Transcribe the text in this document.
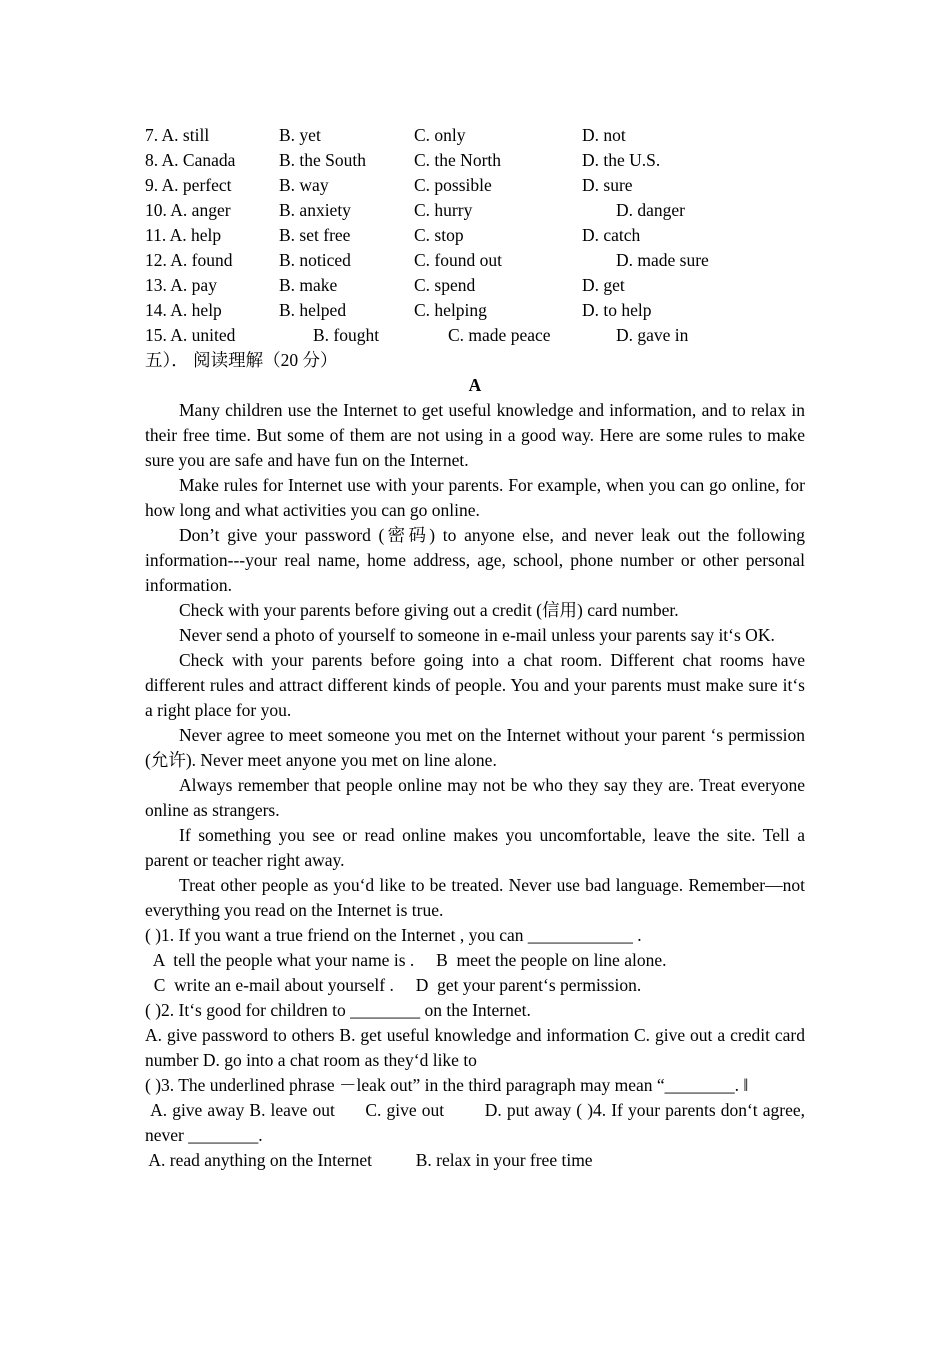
7. A. still	B. yet	C. only	D. not
8. A. Canada B. the South	C. the North	D. the U.S.
9. A. perfect	B. way	C. possible	D. sure
10. A. anger	B. anxiety	C. hurry	D. danger
11. A. help	B. set free	C. stop	D. catch
12. A. found	B. noticed	C. found out	D. made sure
13. A. pay	B. make	C. spend	D. get
14. A. help	B. helped	C. helping	D. to help
15. A. united	B. fought	C. made peace	D. gave in
五）． 阅读理解（20 分）
A

Many children use the Internet to get useful knowledge and information, and to relax in their free time. But some of them are not using in a good way. Here are some rules to make sure you are safe and have fun on the Internet.

Make rules for Internet use with your parents. For example, when you can go online, for how long and what activities you can go online.

Don’t give your password (密码) to anyone else, and never leak out the following information---your real name, home address, age, school, phone number or other personal information.

Check with your parents before giving out a credit (信用) card number.

Never send a photo of yourself to someone in e-mail unless your parents say it‘s OK.

Check with your parents before going into a chat room. Different chat rooms have different rules and attract different kinds of people. You and your parents must make sure it‘s a right place for you.

Never agree to meet someone you met on the Internet without your parent ‘s permission (允许). Never meet anyone you met on line alone.

Always remember that people online may not be who they say they are. Treat everyone online as strangers.

If something you see or read online makes you uncomfortable, leave the site. Tell a parent or teacher right away.

Treat other people as you‘d like to be treated. Never use bad language. Remember—not everything you read on the Internet is true.

( )1. If you want a true friend on the Internet , you can ____________ .
A  tell the people what your name is .     B  meet the people on line alone.
C  write an e-mail about yourself .     D  get your parent‘s permission.
( )2. It‘s good for children to ________ on the Internet.

A. give password to others B. get useful knowledge and information C. give out a credit card number D. go into a chat room as they‘d like to

( )3. The underlined phrase －leak out” in the third paragraph may mean “________. ‖

A. give away B. leave out      C. give out        D. put away ( )4. If your parents don‘t agree, never ________.

A. read anything on the Internet          B. relax in your free time
